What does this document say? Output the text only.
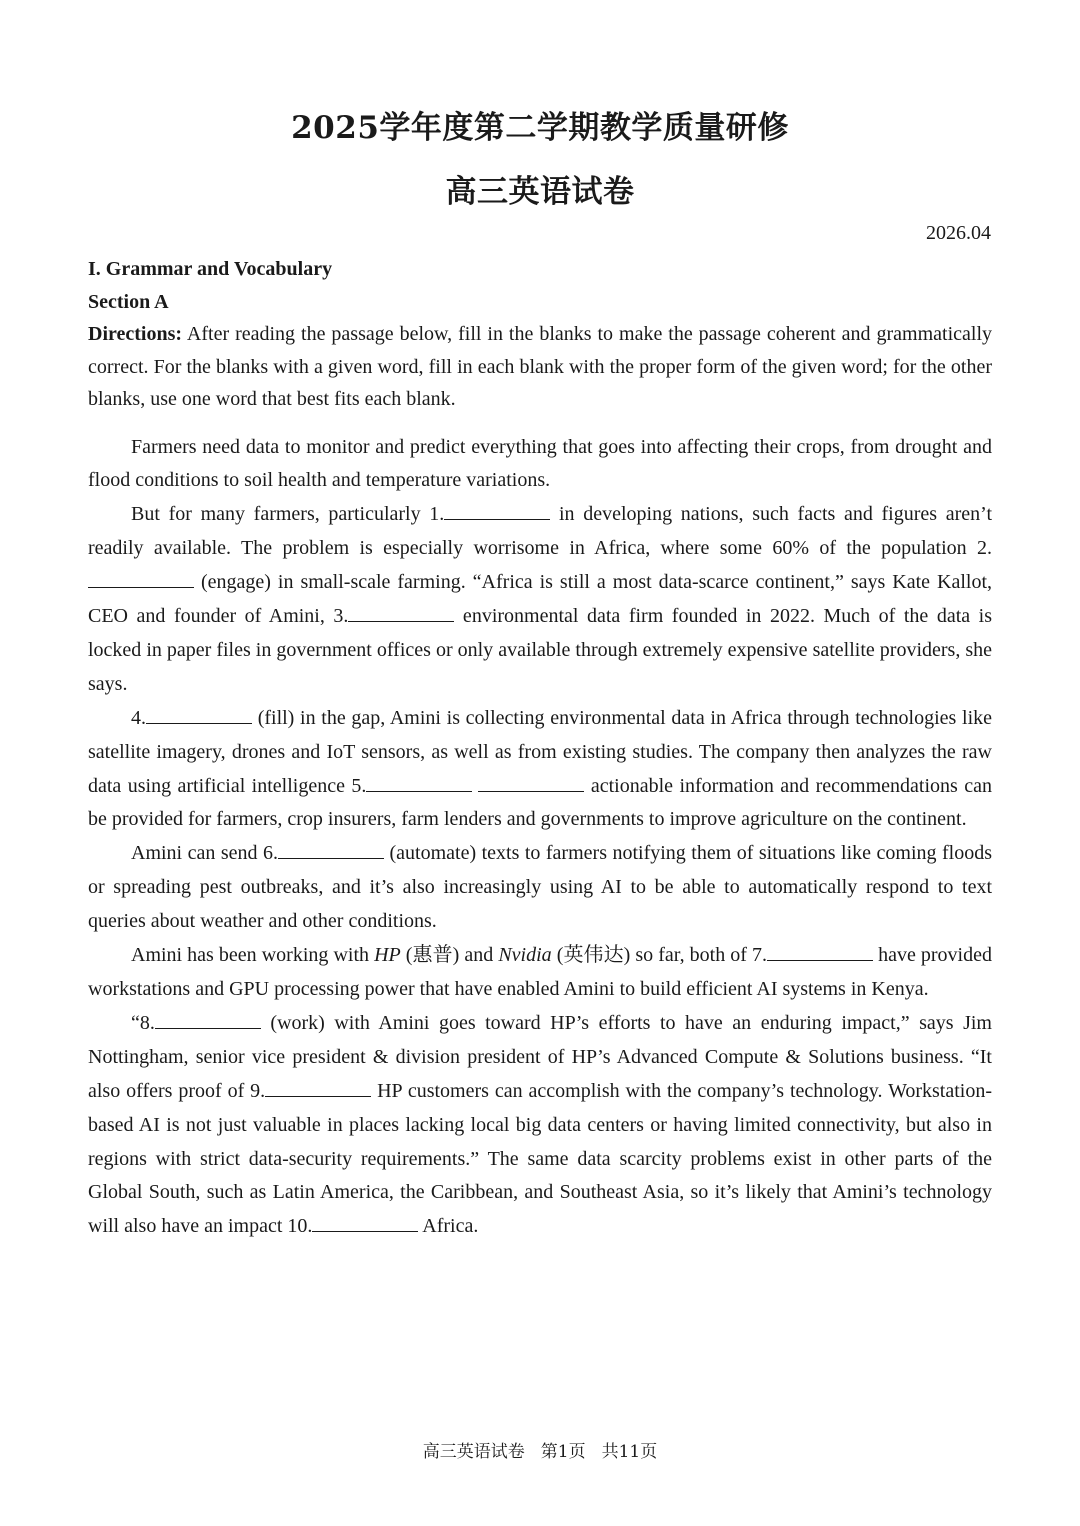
2025学年度第二学期教学质量研修
高三英语试卷
2026.04

I. Grammar and Vocabulary

Section A

Directions: After reading the passage below, fill in the blanks to make the passage coherent and grammatically correct. For the blanks with a given word, fill in each blank with the proper form of the given word; for the other blanks, use one word that best fits each blank.

Farmers need data to monitor and predict everything that goes into affecting their crops, from drought and flood conditions to soil health and temperature variations.

But for many farmers, particularly 1.	in developing nations, such facts and figures aren’t readily available. The problem is especially worrisome in Africa, where some 60% of the population 2. (engage) in small-scale farming. “Africa is still a most data-scarce continent,” says Kate Kallot, CEO and founder of Amini, 3.	environmental data firm founded in 2022. Much of the data is locked in paper files in government offices or only available through extremely expensive satellite providers, she says.

4.	(fill) in the gap, Amini is collecting environmental data in Africa through technologies like satellite imagery, drones and IoT sensors, as well as from existing studies. The company then analyzes the raw data using artificial intelligence 5.	actionable information and recommendations can be provided for farmers, crop insurers, farm lenders and governments to improve agriculture on the continent.

Amini can send 6.	(automate) texts to farmers notifying them of situations like coming floods or spreading pest outbreaks, and it’s also increasingly using AI to be able to automatically respond to text queries about weather and other conditions.

Amini has been working with HP (惠普) and Nvidia (英伟达) so far, both of 7.	have provided workstations and GPU processing power that have enabled Amini to build efficient AI systems in Kenya.

“8.	(work) with Amini goes toward HP’s efforts to have an enduring impact,” says Jim Nottingham, senior vice president & division president of HP’s Advanced Compute & Solutions business. “It also offers proof of 9.	HP customers can accomplish with the company’s technology. Workstation-based AI is not just valuable in places lacking local big data centers or having limited connectivity, but also in regions with strict data-security requirements.” The same data scarcity problems exist in other parts of the Global South, such as Latin America, the Caribbean, and Southeast Asia, so it’s likely that Amini’s technology will also have an impact 10.	Africa.

高三英语试卷 第1页 共11页
